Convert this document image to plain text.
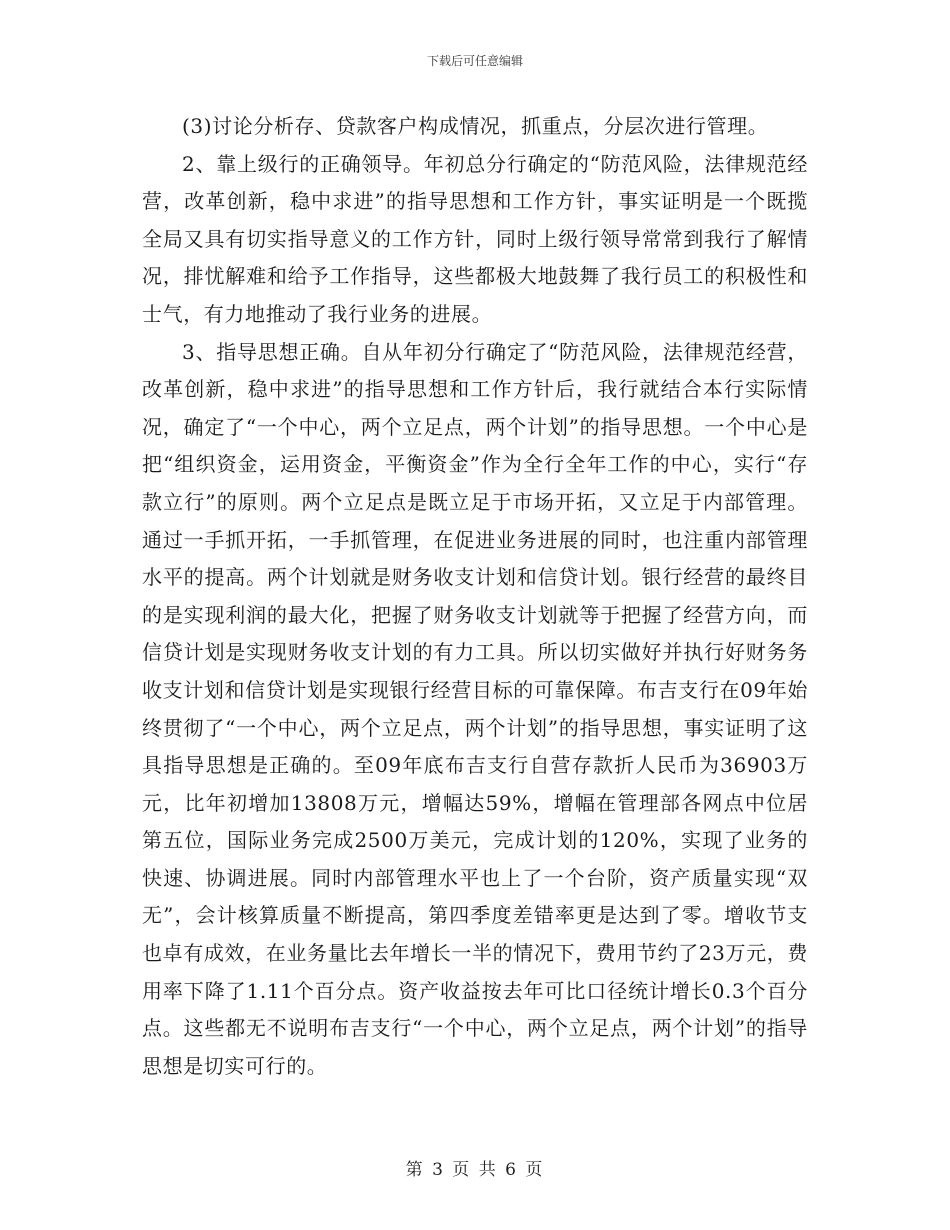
下载后可任意编辑

(3)讨论分析存、贷款客户构成情况，抓重点，分层次进行管理。

2、靠上级行的正确领导。年初总分行确定的“防范风险，法律规范经营，改革创新，稳中求进”的指导思想和工作方针，事实证明是一个既揽全局又具有切实指导意义的工作方针，同时上级行领导常常到我行了解情况，排忧解难和给予工作指导，这些都极大地鼓舞了我行员工的积极性和士气，有力地推动了我行业务的进展。

3、指导思想正确。自从年初分行确定了“防范风险，法律规范经营，改革创新，稳中求进”的指导思想和工作方针后，我行就结合本行实际情况，确定了“一个中心，两个立足点，两个计划”的指导思想。一个中心是把“组织资金，运用资金，平衡资金”作为全行全年工作的中心，实行“存款立行”的原则。两个立足点是既立足于市场开拓，又立足于内部管理。通过一手抓开拓，一手抓管理，在促进业务进展的同时，也注重内部管理水平的提高。两个计划就是财务收支计划和信贷计划。银行经营的最终目的是实现利润的最大化，把握了财务收支计划就等于把握了经营方向，而信贷计划是实现财务收支计划的有力工具。所以切实做好并执行好财务务收支计划和信贷计划是实现银行经营目标的可靠保障。布吉支行在09年始终贯彻了“一个中心，两个立足点，两个计划”的指导思想，事实证明了这具指导思想是正确的。至09年底布吉支行自营存款折人民币为36903万元，比年初增加13808万元，增幅达59%，增幅在管理部各网点中位居第五位，国际业务完成2500万美元，完成计划的120%，实现了业务的快速、协调进展。同时内部管理水平也上了一个台阶，资产质量实现“双无”，会计核算质量不断提高，第四季度差错率更是达到了零。增收节支也卓有成效，在业务量比去年增长一半的情况下，费用节约了23万元，费用率下降了1.11个百分点。资产收益按去年可比口径统计增长0.3个百分点。这些都无不说明布吉支行“一个中心，两个立足点，两个计划”的指导思想是切实可行的。

第 3 页 共 6 页
